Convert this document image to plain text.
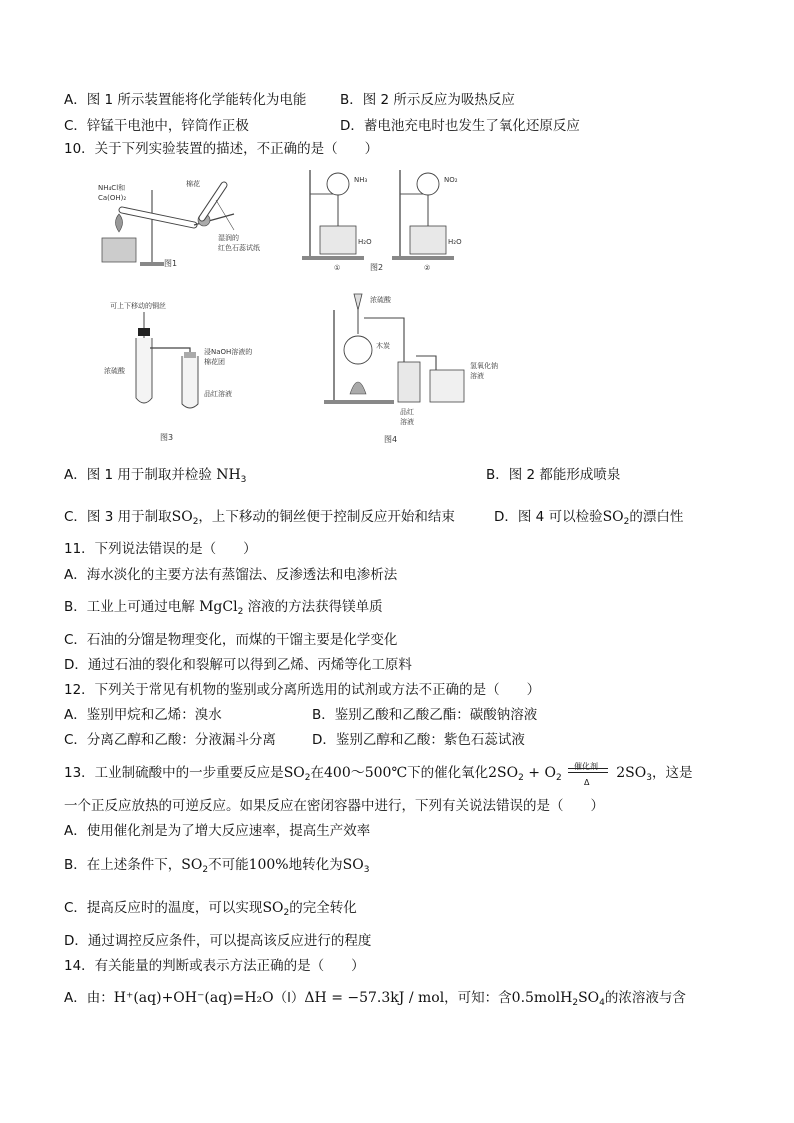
A．图 1 所示装置能将化学能转化为电能 B．图 2 所示反应为吸热反应
C．锌锰干电池中，锌筒作正极	D．蓄电池充电时也发生了氧化还原反应
10．关于下列实验装置的描述，不正确的是（　　）
NH₄Cl和
Ca(OH)₂
棉花
湿润的
红色石蕊试纸
图1
NH₃	NO₂
H₂O	H₂O
①	图2	②
可上下移动的铜丝
浓硫酸
浸NaOH溶液的
棉花团
品红溶液
图3
浓硫酸
木炭
氢氧化钠
溶液
品红
溶液
图4
A．图 1 用于制取并检验 $NH_3$	B．图 2 都能形成喷泉
C．图 3 用于制取$SO_2$，上下移动的铜丝便于控制反应开始和结束	D．图 4 可以检验$SO_2$的漂白性
11．下列说法错误的是（　　）
A．海水淡化的主要方法有蒸馏法、反渗透法和电渗析法
B．工业上可通过电解 MgCl$_2$ 溶液的方法获得镁单质
C．石油的分馏是物理变化，而煤的干馏主要是化学变化
D．通过石油的裂化和裂解可以得到乙烯、丙烯等化工原料
12．下列关于常见有机物的鉴别或分离所选用的试剂或方法不正确的是（　　）
A．鉴别甲烷和乙烯：溴水	B．鉴别乙酸和乙酸乙酯：碳酸钠溶液
C．分离乙醇和乙酸：分液漏斗分离	D．鉴别乙醇和乙酸：紫色石蕊试液
13．工业制硫酸中的一步重要反应是$SO_2$在400～500℃下的催化氧化$2SO_2 + O_2$
催化剂
Δ
$2SO_3$，这是
一个正反应放热的可逆反应。如果反应在密闭容器中进行，下列有关说法错误的是（　　）
A．使用催化剂是为了增大反应速率，提高生产效率
B．在上述条件下，$SO_2$不可能100%地转化为$SO_3$
C．提高反应时的温度，可以实现$SO_2$的完全转化
D．通过调控反应条件，可以提高该反应进行的程度
14．有关能量的判断或表示方法正确的是（　　）
A．由：H⁺(aq)+OH⁻(aq)=H₂O（l）ΔH = −57.3kJ / mol，可知：含$0.5molH_2SO_4$的浓溶液与含
